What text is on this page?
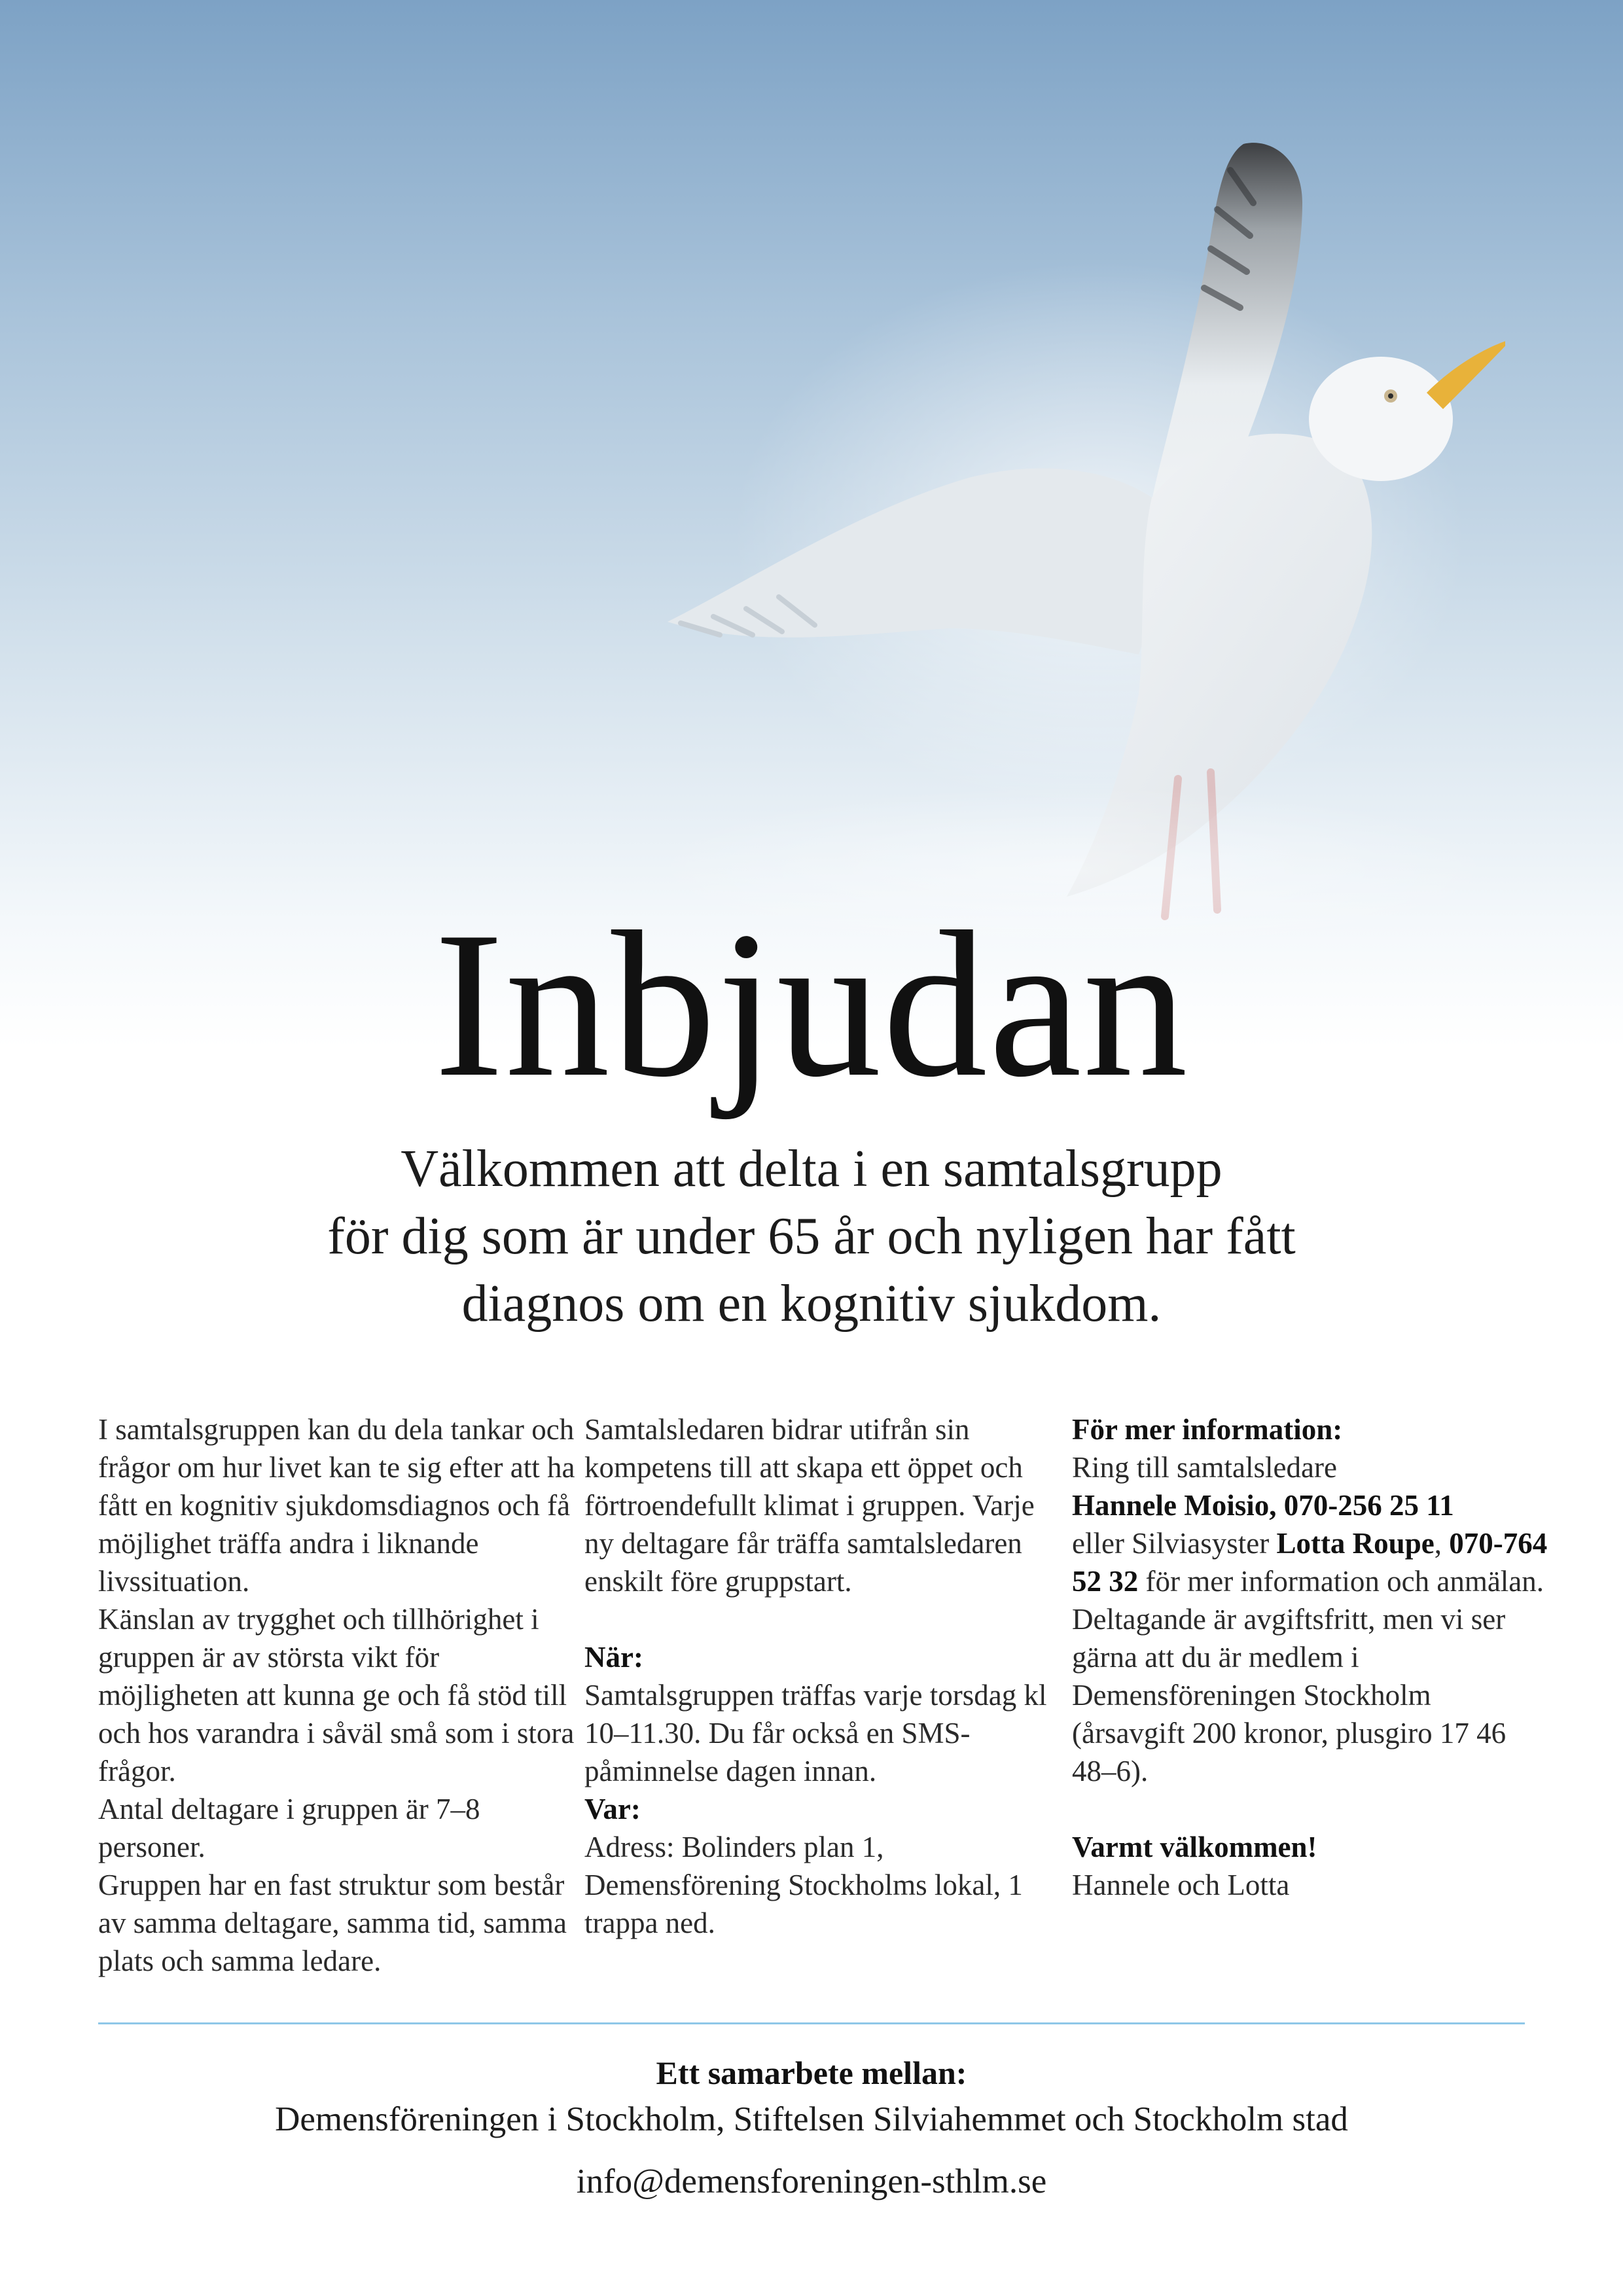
Inbjudan
Välkommen att delta i en samtalsgrupp
för dig som är under 65 år och nyligen har fått
diagnos om en kognitiv sjukdom.

I samtalsgruppen kan du dela tankar och frågor om hur livet kan te sig efter att ha fått en kognitiv sjukdomsdiagnos och få möjlighet träffa andra i liknande livssituation.

Känslan av trygghet och tillhörighet i gruppen är av största vikt för möjligheten att kunna ge och få stöd till och hos varandra i såväl små som i stora frågor.

Antal deltagare i gruppen är 7–8 personer.

Gruppen har en fast struktur som består av samma deltagare, samma tid, samma plats och samma ledare.

Samtalsledaren bidrar utifrån sin kompetens till att skapa ett öppet och förtroendefullt klimat i gruppen. Varje ny deltagare får träffa samtalsledaren enskilt före gruppstart.

När:

Samtalsgruppen träffas varje torsdag kl 10–11.30. Du får också en SMS-påminnelse dagen innan.

Var:

Adress: Bolinders plan 1, Demensförening Stockholms lokal, 1 trappa ned.

För mer information:

Ring till samtalsledare

Hannele Moisio, 070-256 25 11

eller Silviasyster Lotta Roupe, 070-764 52 32 för mer information och anmälan.

Deltagande är avgiftsfritt, men vi ser gärna att du är medlem i Demensföreningen Stockholm (årsavgift 200 kronor, plusgiro 17 46 48–6).

Varmt välkommen!

Hannele och Lotta

Ett samarbete mellan:
Demensföreningen i Stockholm, Stiftelsen Silviahemmet och Stockholm stad
info@demensforeningen-sthlm.se
